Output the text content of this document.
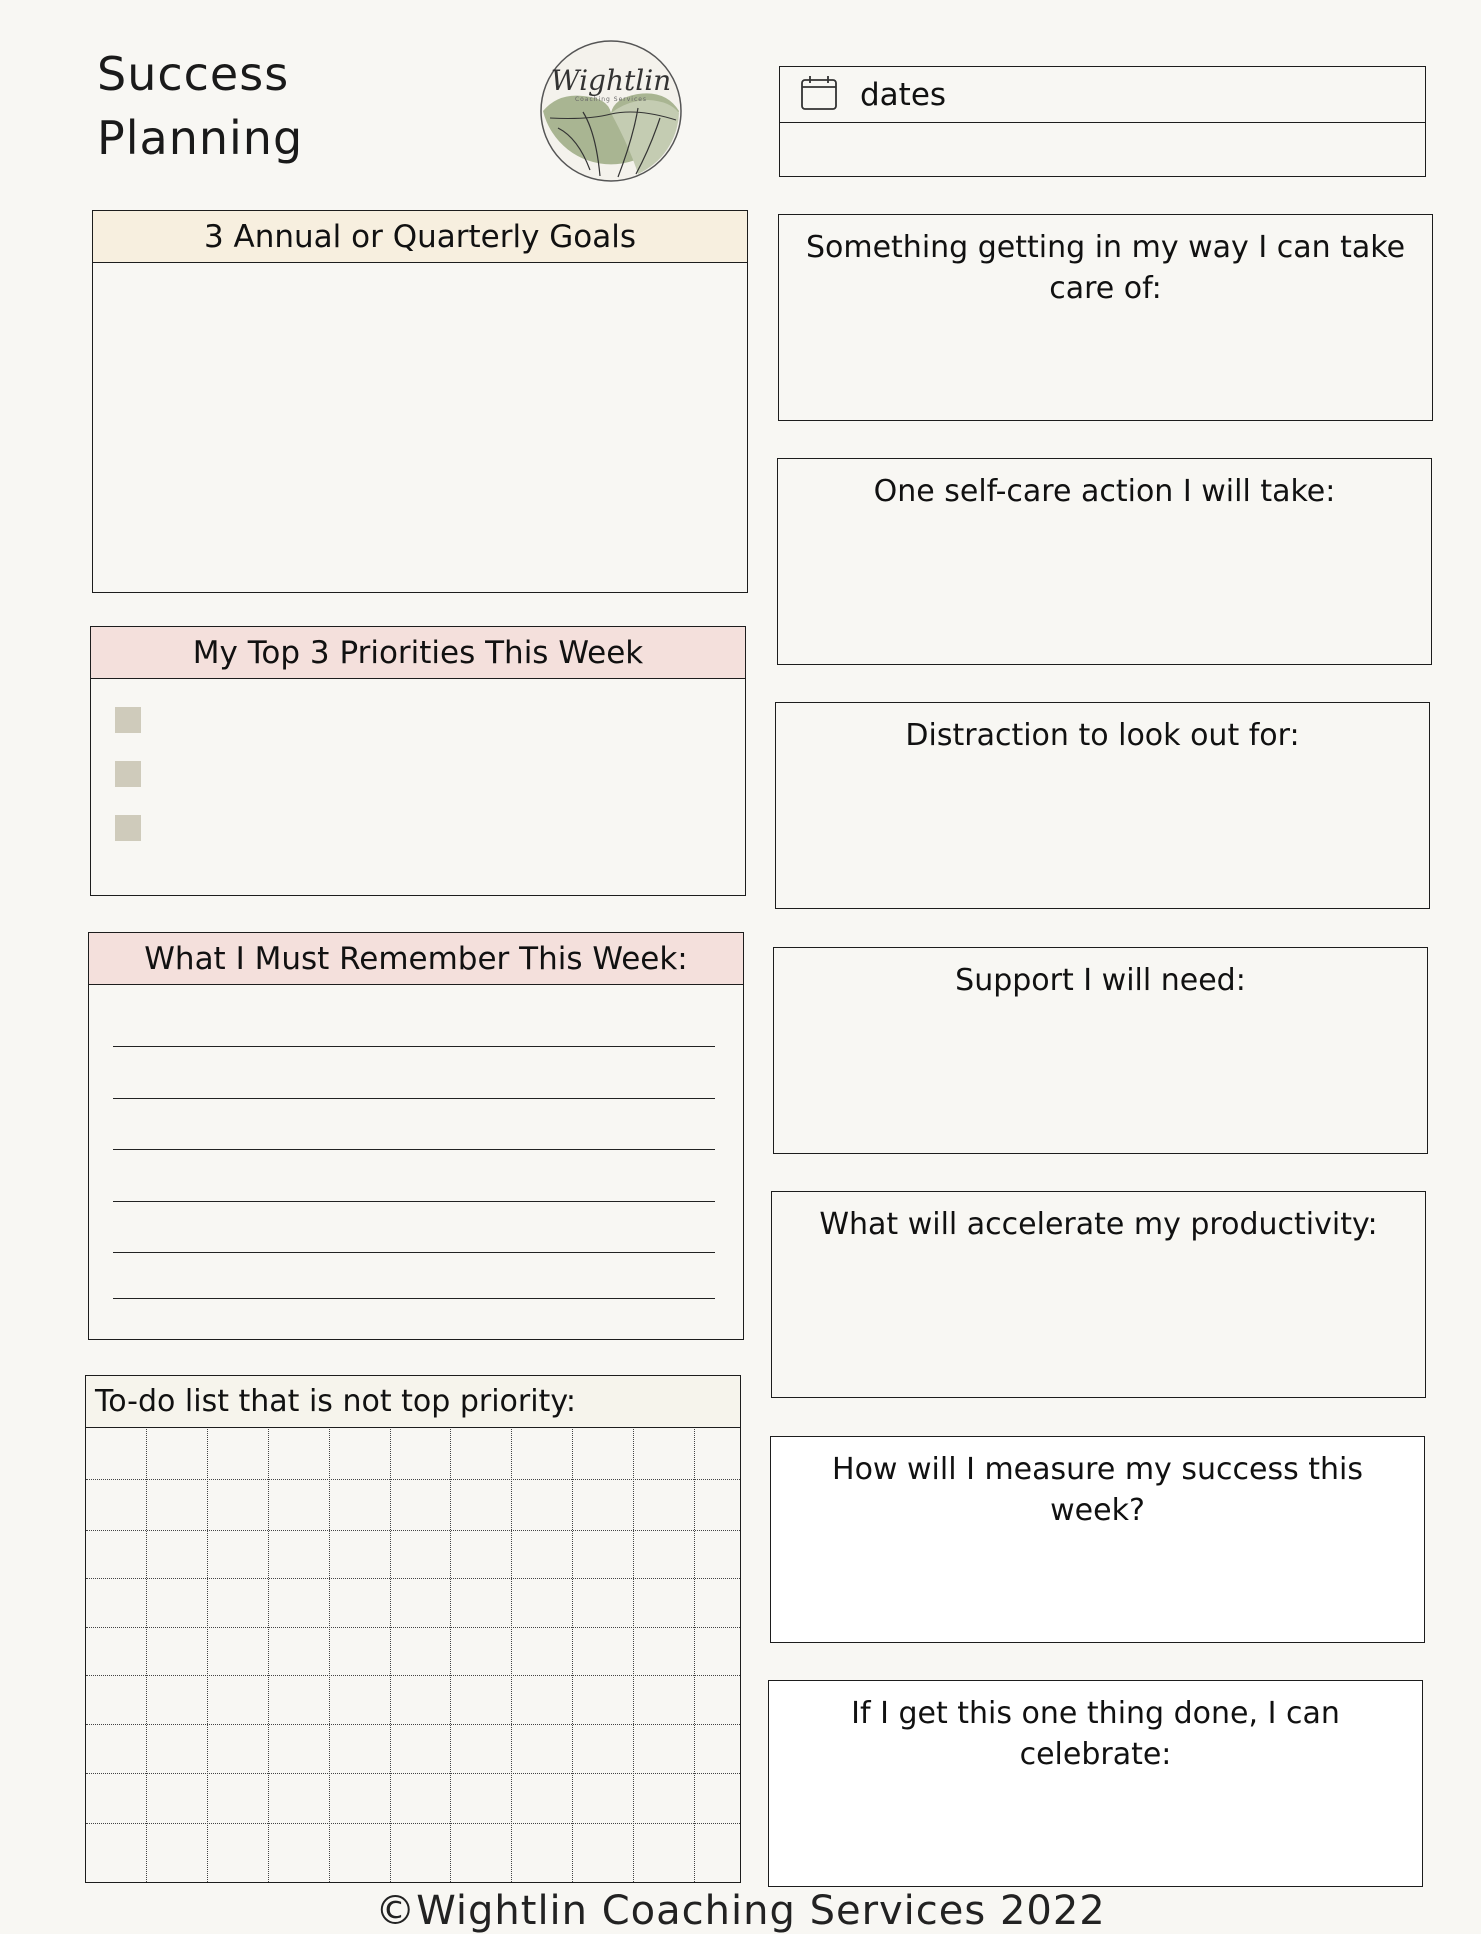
Success
Planning
Wightlin
Coaching Services	dates
3 Annual or Quarterly Goals
My Top 3 Priorities This Week
What I Must Remember This Week:
To-do list that is not top priority:
Something getting in my way I can take care of:
One self-care action I will take:
Distraction to look out for:
Support I will need:
What will accelerate my productivity:
How will I measure my success this week?
If I get this one thing done, I can celebrate:
©Wightlin Coaching Services 2022
